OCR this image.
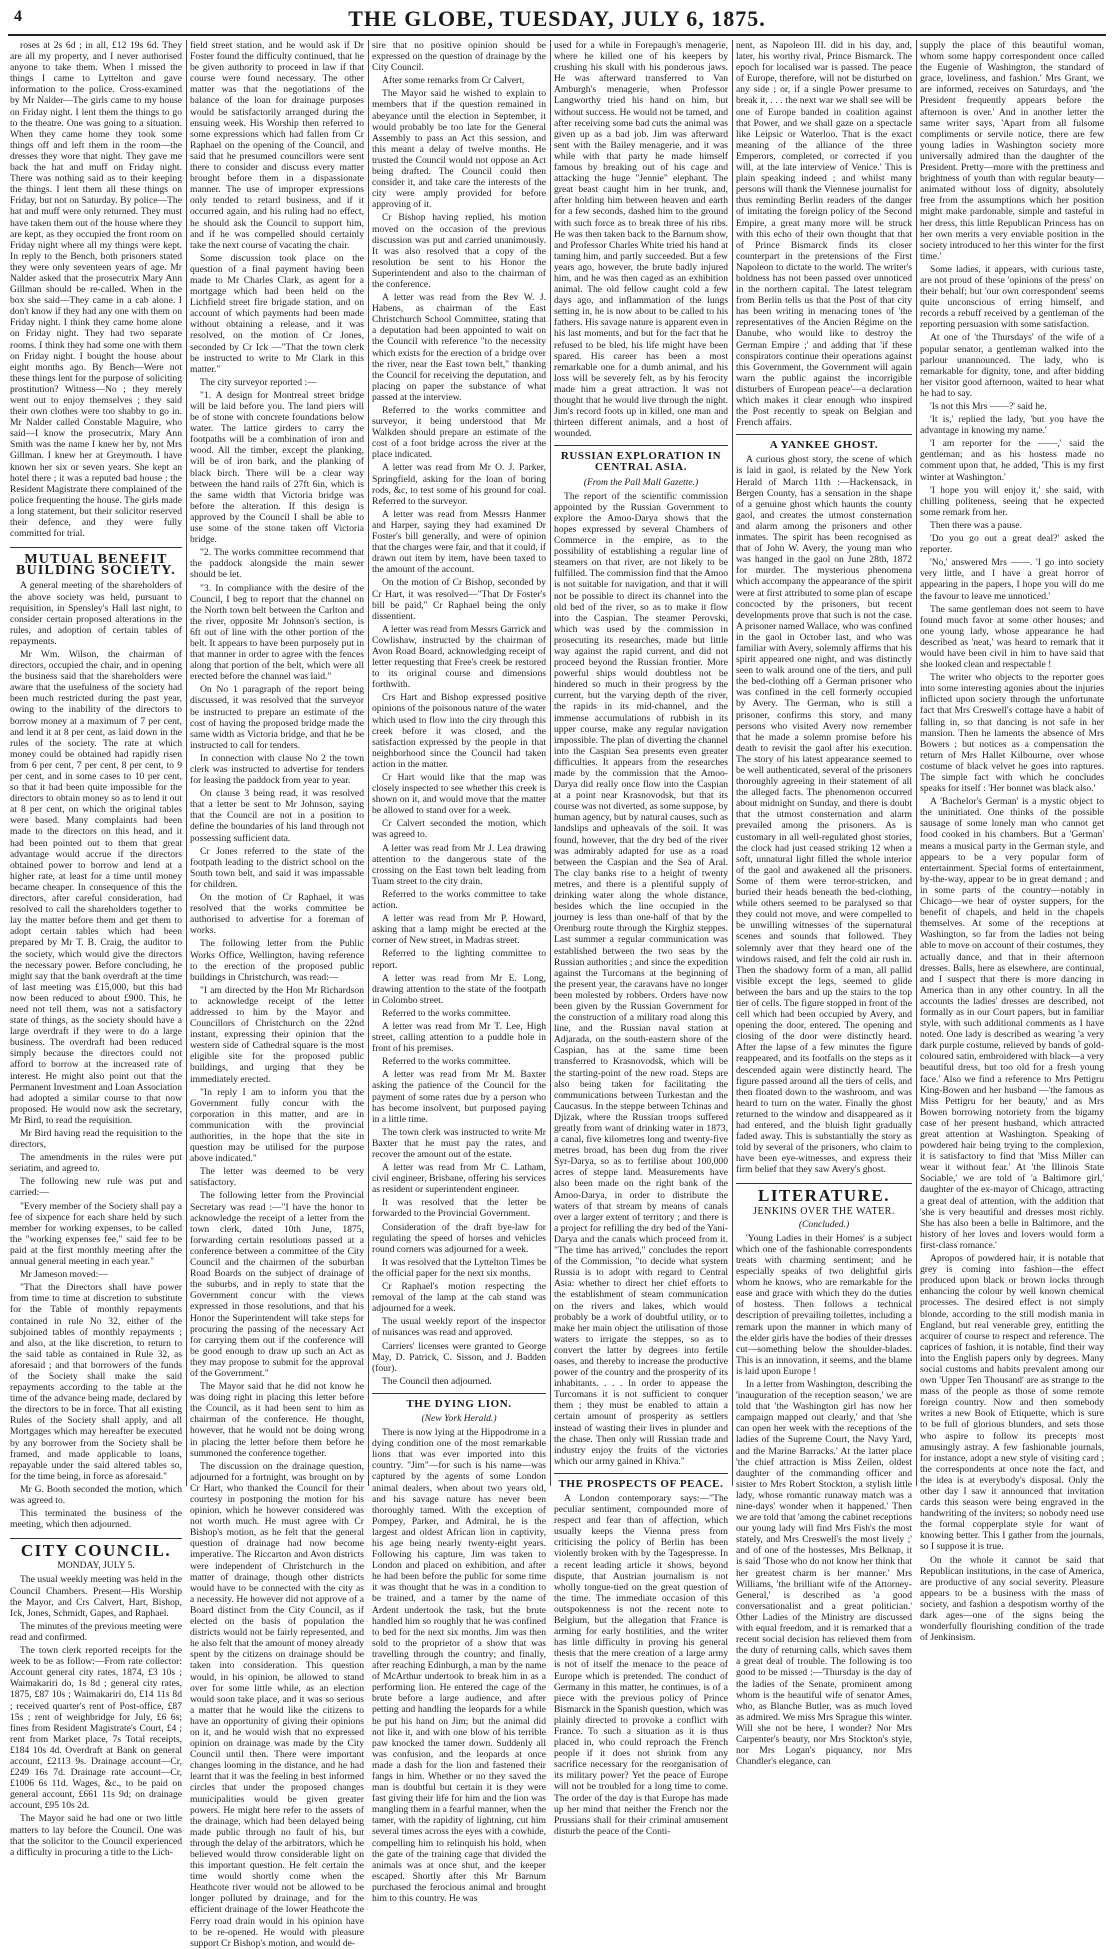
4	THE GLOBE, TUESDAY, JULY 6, 1875.

roses at 2s 6d ; in all, £12 19s 6d. They are all my property, and I never authorised anyone to take them. When I missed the things I came to Lyttelton and gave information to the police. Cross-examined by Mr Nalder—The girls came to my house on Friday night. I lent them the things to go to the theatre. One was going to a situation. When they came home they took some things off and left them in the room—the dresses they wore that night. They gave me back the hat and muff on Friday night. There was nothing said as to their keeping the things. I lent them all these things on Friday, but not on Saturday. By police—The hat and muff were only returned. They must have taken them out of the house where they are kept, as they occupied the front room on Friday night where all my things were kept. In reply to the Bench, both prisoners stated they were only seventeen years of age. Mr Nalder asked that the prosecutrix Mary Ann Gillman should be re-called. When in the box she said—They came in a cab alone. I don't know if they had any one with them on Friday night. I think they came home alone on Friday night. They had two separate rooms. I think they had some one with them on Friday night. I bought the house about eight months ago. By Bench—Were not these things lent for the purpose of soliciting prostitution? Witness—No ; they merely went out to enjoy themselves ; they said their own clothes were too shabby to go in. Mr Nalder called Constable Maguire, who said—I know the prosecutrix, Mary Ann Smith was the name I knew her by, not Mrs Gillman. I knew her at Greymouth. I have known her six or seven years. She kept an hotel there ; it was a reputed bad house ; the Resident Magistrate there complained of the police frequenting the house. The girls made a long statement, but their solicitor reserved their defence, and they were fully committed for trial.

MUTUAL BENEFIT BUILDING SOCIETY.

A general meeting of the shareholders of the above society was held, pursuant to requisition, in Spensley's Hall last night, to consider certain proposed alterations in the rules, and adoption of certain tables of repayments.

Mr Wm. Wilson, the chairman of directors, occupied the chair, and in opening the business said that the shareholders were aware that the usefulness of the society had been much restricted during the past year, owing to the inability of the directors to borrow money at a maximum of 7 per cent, and lend it at 8 per cent, as laid down in the rules of the society. The rate at which money could be obtained had rapidly risen from 6 per cent, 7 per cent, 8 per cent, to 9 per cent, and in some cases to 10 per cent, so that it had been quite impossible for the directors to obtain money so as to lend it out at 8 per cent, on which the original tables were based. Many complaints had been made to the directors on this head, and it had been pointed out to them that great advantage would accrue if the directors obtained power to borrow and lend at a higher rate, at least for a time until money became cheaper. In consequence of this the directors, after careful consideration, had resolved to call the shareholders together to lay the matter before them and get them to adopt certain tables which had been prepared by Mr T. B. Craig, the auditor to the society, which would give the directors the necessary power. Before concluding, he might say that the bank overdraft at the time of last meeting was £15,000, but this had now been reduced to about £900. This, he need not tell them, was not a satisfactory state of things, as the society should have a large overdraft if they were to do a large business. The overdraft had been reduced simply because the directors could not afford to borrow at the increased rate of interest. He might also point out that the Permanent Investment and Loan Association had adopted a similar course to that now proposed. He would now ask the secretary, Mr Bird, to read the requisition.

Mr Bird having read the requisition to the directors,

The amendments in the rules were put seriatim, and agreed to.

The following new rule was put and carried:—

"Every member of the Society shall pay a fee of sixpence for each share held by such member for working expenses, to be called the "working expenses fee," said fee to be paid at the first monthly meeting after the annual general meeting in each year."

Mr Jameson moved:—

"That the Directors shall have power from time to time at discretion to substitute for the Table of monthly repayments contained in rule No 32, either of the subjoined tables of monthly repayments ; and also, at the like discretion, to return to the said table as contained in Rule 32, as aforesaid ; and that borrowers of the funds of the Society shall make the said repayments according to the table at the time of the advance being made, declared by the directors to be in force. That all existing Rules of the Society shall apply, and all Mortgages which may hereafter be executed by any borrower from the Society shall be framed, and made applicable to loans, repayable under the said altered tables so, for the time being, in force as aforesaid."

Mr G. Booth seconded the motion, which was agreed to.

This terminated the business of the meeting, which then adjourned.

CITY COUNCIL.
MONDAY, JULY 5.

The usual weekly meeting was held in the Council Chambers. Present—His Worship the Mayor, and Crs Calvert, Hart, Bishop, Ick, Jones, Schmidt, Gapes, and Raphael.

The minutes of the previous meeting were read and confirmed.

The town clerk reported receipts for the week to be as follow:—From rate collector: Account general city rates, 1874, £3 10s ; Waimakariri do, 1s 8d ; general city rates, 1875, £87 10s ; Waimakariri do, £14 11s 8d ; received quarter's rent of Post-office, £87 15s ; rent of weighbridge for July, £6 6s; fines from Resident Magistrate's Court, £4 ; rent from Market place, 7s Total receipts, £184 10s 4d. Overdraft at Bank on general account, £2113 9s. Drainage account—Cr, £249 16s 7d. Drainage rate account—Cr, £1006 6s 11d. Wages, &c., to be paid on general account, £661 11s 9d; on drainage account, £95 10s 2d.

The Mayor said he had one or two little matters to lay before the Council. One was that the solicitor to the Council experienced a difficulty in procuring a title to the Lich-

field street station, and he would ask if Dr Foster found the difficulty continued, that he be given authority to proceed in law if that course were found necessary. The other matter was that the negotiations of the balance of the loan for drainage purposes would be satisfactorily arranged during the ensuing week. His Worship then referred to some expressions which had fallen from Cr Raphael on the opening of the Council, and said that he presumed councillors were sent there to consider and discuss every matter brought before them in a dispassionate manner. The use of improper expressions only tended to retard business, and if it occurred again, and his ruling had no effect, he should ask the Council to support him, and if he was compelled should certainly take the next course of vacating the chair.

Some discussion took place on the question of a final payment having been made to Mr Charles Clark, as agent for a mortgage which had been held on the Lichfield street fire brigade station, and on account of which payments had been made without obtaining a release, and it was resolved, on the motion of Cr Jones, seconded by Cr Ick —"That the town clerk be instructed to write to Mr Clark in this matter."

The city surveyor reported :—

"1. A design for Montreal street bridge will be laid before you. The land piers will be of stone with concrete foundations below water. The lattice girders to carry the footpaths will be a combination of iron and wood. All the timber, except the planking, will be of iron bark, and the planking of black birch. There will be a clear way between the hand rails of 27ft 6in, which is the same width that Victoria bridge was before the alteration. If this design is approved by the Council I shall be able to use some of the stone taken off Victoria bridge.

"2. The works committee recommend that the paddock alongside the main sewer should be let.

"3. In compliance with the desire of the Council, I beg to report that the channel on the North town belt between the Carlton and the river, opposite Mr Johnson's section, is 6ft out of line with the other portion of the belt. It appears to have been purposely put in that manner in order to agree with the fences along that portion of the belt, which were all erected before the channel was laid."

On No 1 paragraph of the report being discussed, it was resolved that the surveyor be instructed to prepare an estimate of the cost of having the proposed bridge made the same width as Victoria bridge, and that he be instructed to call for tenders.

In connection with clause No 2 the town clerk was instructed to advertise for tenders for leasing the paddock from year to year.

On clause 3 being read, it was resolved that a letter be sent to Mr Johnson, saying that the Council are not in a position to define the boundaries of his land through not possessing sufficient data.

Cr Jones referred to the state of the footpath leading to the district school on the South town belt, and said it was impassable for children.

On the motion of Cr Raphael, it was resolved that the works committee be authorised to advertise for a foreman of works.

The following letter from the Public Works Office, Wellington, having reference to the erection of the proposed public buildings in Christchurch, was read:—

"I am directed by the Hon Mr Richardson to acknowledge receipt of the letter addressed to him by the Mayor and Councillors of Christchurch on the 22nd instant, expressing their opinion that the western side of Cathedral square is the most eligible site for the proposed public buildings, and urging that they be immediately erected.

"In reply I am to inform you that the Government fully concur with the corporation in this matter, and are in communication with the provincial authorities, in the hope that the site in question may be utilised for the purpose above indicated."

The letter was deemed to be very satisfactory.

The following letter from the Provincial Secretary was read :—"I have the honor to acknowledge the receipt of a letter from the town clerk, dated 10th June, 1875, forwarding certain resolutions passed at a conference between a committee of the City Council and the chairmen of the suburban Road Boards on the subject of drainage of the suburbs, and in reply to state that the Government concur with the views expressed in those resolutions, and that his Honor the Superintendent will take steps for procuring the passing of the necessary Act for carrying them out if the conference will be good enough to draw up such an Act as they may propose to submit for the approval of the Government."

The Mayor said that he did not know he was doing right in placing this letter before the Council, as it had been sent to him as chairman of the conference. He thought, however, that he would not be doing wrong in placing the letter before them before he summoned the conference together.

The discussion on the drainage question, adjourned for a fortnight, was brought on by Cr Hart, who thanked the Council for their courtesy in postponing the motion for his opinion, which he however considered was not worth much. He must agree with Cr Bishop's motion, as he felt that the general question of drainage had now become imperative. The Riccarton and Avon districts were independent of Christchurch in the matter of drainage, though other districts would have to be connected with the city as a necessity. He however did not approve of a Board distinct from the City Council, as if elected on the basis of population the districts would not be fairly represented, and he also felt that the amount of money already spent by the citizens on drainage should be taken into consideration. This question would, in his opinion, be allowed to stand over for some little while, as an election would soon take place, and it was so serious a matter that he would like the citizens to have an opportunity of giving their opinions on it, and he would wish that no expressed opinion on drainage was made by the City Council until then. There were important changes looming in the distance, and he had learnt that it was the feeling in best informed circles that under the proposed changes municipalities would be given greater powers. He might here refer to the assets of the drainage, which had been delayed being made public through no fault of his, but through the delay of the arbitrators, which he believed would throw considerable light on this important question. He felt certain the time would shortly come when the Heathcote river would not be allowed to be longer polluted by drainage, and for the efficient drainage of the lower Heathcote the Ferry road drain would in his opinion have to be re-opened. He would with pleasure support Cr Bishop's motion, and would de-

sire that no positive opinion should be expressed on the question of drainage by the City Council.

After some remarks from Cr Calvert,

The Mayor said he wished to explain to members that if the question remained in abeyance until the election in September, it would probably be too late for the General Assembly to pass an Act this session, and this meant a delay of twelve months. He trusted the Council would not oppose an Act being drafted. The Council could then consider it, and take care the interests of the city were amply provided for before approving of it.

Cr Bishop having replied, his motion moved on the occasion of the previous discussion was put and carried unanimously. It was also resolved that a copy of the resolution be sent to his Honor the Superintendent and also to the chairman of the conference.

A letter was read from the Rev W. J. Habens, as chairman of the East Christchurch School Committee, stating that a deputation had been appointed to wait on the Council with reference "to the necessity which exists for the erection of a bridge over the river, near the East town belt," thanking the Council for receiving the deputation, and placing on paper the substance of what passed at the interview.

Referred to the works committee and surveyor, it being understood that Mr Walkden should prepare an estimate of the cost of a foot bridge across the river at the place indicated.

A letter was read from Mr O. J. Parker, Springfield, asking for the loan of boring rods, &c, to test some of his ground for coal. Referred to the surveyor.

A letter was read from Messrs Hanmer and Harper, saying they had examined Dr Foster's bill generally, and were of opinion that the charges were fair, and that it could, if drawn out item by item, have been taxed to the amount of the account.

On the motion of Cr Bishop, seconded by Cr Hart, it was resolved—"That Dr Foster's bill be paid," Cr Raphael being the only dissentient.

A letter was read from Messrs Garrick and Cowlishaw, instructed by the chairman of Avon Road Board, acknowledging receipt of letter requesting that Free's creek be restored to its original course and dimensions forthwith.

Crs Hart and Bishop expressed positive opinions of the poisonous nature of the water which used to flow into the city through this creek before it was closed, and the satisfaction expressed by the people in that neighborhood since the Council had taken action in the matter.

Cr Hart would like that the map was closely inspected to see whether this creek is shown on it, and would move that the matter be allowed to stand over for a week.

Cr Calvert seconded the motion, which was agreed to.

A letter was read from Mr J. Lea drawing attention to the dangerous state of the crossing on the East town belt leading from Tuam street to the city drain.

Referred to the works committee to take action.

A letter was read from Mr P. Howard, asking that a lamp might be erected at the corner of New street, in Madras street.

Referred to the lighting committee to report.

A letter was read from Mr E. Long, drawing attention to the state of the footpath in Colombo street.

Referred to the works committee.

A letter was read from Mr T. Lee, High street, calling attention to a puddle hole in front of his premises.

Referred to the works committee.

A letter was read from Mr M. Baxter asking the patience of the Council for the payment of some rates due by a person who has become insolvent, but purposed paying in a little time.

The town clerk was instructed to write Mr Baxter that he must pay the rates, and recover the amount out of the estate.

A letter was read from Mr C. Latham, civil engineer, Brisbane, offering his services as resident or superintendent engineer.

It was resolved that the letter be forwarded to the Provincial Government.

Consideration of the draft bye-law for regulating the speed of horses and vehicles round corners was adjourned for a week.

It was resolved that the Lyttelton Times be the official paper for the next six months.

Cr Raphael's motion respecting the removal of the lamp at the cab stand was adjourned for a week.

The usual weekly report of the inspector of nuisances was read and approved.

Carriers' licenses were granted to George May, D. Patrick, C. Sisson, and J. Badden (four).

The Council then adjourned.

THE DYING LION.
(New York Herald.)

There is now lying at the Hippodrome in a dying condition one of the most remarkable lions that was ever imported into this country. "Jim"—for such is his name—was captured by the agents of some London animal dealers, when about two years old, and his savage nature has never been thoroughly tamed. With the exception of Pompey, Parker, and Admiral, he is the largest and oldest African lion in captivity, his age being nearly twenty-eight years. Following his capture, Jim was taken to London and placed on exhibition, and after he had been before the public for some time it was thought that he was in a condition to be trained, and a tamer by the name of Ardent undertook the task, but the brute handled him so roughly that he was confined to bed for the next six months. Jim was then sold to the proprietor of a show that was travelling through the country; and finally, after reaching Edinburgh, a man by the name of McArthur undertook to break him in as a performing lion. He entered the cage of the brute before a large audience, and after petting and handling the leopards for a while he put his hand on Jim; but the animal did not like it, and with one blow of his terrible paw knocked the tamer down. Suddenly all was confusion, and the leopards at once made a dash for the lion and fastened their fangs in him. Whether or no they saved the man is doubtful but certain it is they were fast giving their life for him and the lion was mangling them in a fearful manner, when the tamer, with the rapidity of lightning, cut him several times across the eyes with a cowhide, compelling him to relinquish his hold, when the gate of the training cage that divided the animals was at once shut, and the keeper escaped. Shortly after this Mr Barnum purchased the ferocious animal and brought him to this country. He was

used for a while in Forepaugh's menagerie, where he killed one of his keepers by crushing his skull with his ponderous jaws. He was afterward transferred to Van Amburgh's menagerie, when Professor Langworthy tried his hand on him, but without success. He would not be tamed, and after receiving some bad cuts the animal was given up as a bad job. Jim was afterward sent with the Bailey menagerie, and it was while with that party he made himself famous by breaking out of his cage and attacking the huge "Jennie" elephant. The great beast caught him in her trunk, and, after holding him between heaven and earth for a few seconds, dashed him to the ground with such force as to break three of his ribs. He was then taken back to the Barnum show, and Professor Charles White tried his hand at taming him, and partly succeeded. But a few years ago, however, the brute badly injured him, and he was then caged as an exhibition animal. The old fellow caught cold a few days ago, and inflammation of the lungs setting in, he is now about to be called to his fathers. His savage nature is apparent even in his last moments, and but for the fact that he refused to be bled, his life might have been spared. His career has been a most remarkable one for a dumb animal, and his loss will be severely felt, as by his ferocity made him a great attraction. It was not thought that he would live through the night. Jim's record foots up in killed, one man and thirteen different animals, and a host of wounded.

RUSSIAN EXPLORATION IN CENTRAL ASIA.
(From the Pall Mall Gazette.)

The report of the scientific commission appointed by the Russian Government to explore the Amoo-Darya shows that the hopes expressed by several Chambers of Commerce in the empire, as to the possibility of establishing a regular line of steamers on that river, are not likely to be fulfilled. The commission find that the Amoo is not suitable for navigation, and that it will not be possible to direct its channel into the old bed of the river, so as to make it flow into the Caspian. The steamer Perovski, which was used by the commission in prosecuting its researches, made but little way against the rapid current, and did not proceed beyond the Russian frontier. More powerful ships would doubtless not be hindered so much in their progress by the current, but the varying depth of the river, the rapids in its mid-channel, and the immense accumulations of rubbish in its upper course, make any regular navigation impossible. The plan of diverting the channel into the Caspian Sea presents even greater difficulties. It appears from the researches made by the commission that the Amoo-Darya did really once flow into the Caspian at a point near Krasnovodsk, but that its course was not diverted, as some suppose, by human agency, but by natural causes, such as landslips and upheavals of the soil. It was found, however, that the dry bed of the river was admirably adapted for use as a road between the Caspian and the Sea of Aral. The clay banks rise to a height of twenty metres, and there is a plentiful supply of drinking water along the whole distance, besides which the line occupied in the journey is less than one-half of that by the Orenburg route through the Kirghiz steppes. Last summer a regular communication was established between the two seas by the Russian authorities ; and since the expedition against the Turcomans at the beginning of the present year, the caravans have no longer been molested by robbers. Orders have now been given by the Russian Government for the construction of a military road along this line, and the Russian naval station at Adjarada, on the south-eastern shore of the Caspian, has at the same time been transferred to Krasnovodsk, which will be the starting-point of the new road. Steps are also being taken for facilitating the communications between Turkestan and the Caucasus. In the steppe between Tchinas and Djizak, where the Russian troops suffered greatly from want of drinking water in 1873, a canal, five kilometres long and twenty-five metres broad, has been dug from the river Syr-Darya, so as to fertilise about 100,000 acres of steppe land. Measurements have also been made on the right bank of the Amoo-Darya, in order to distribute the waters of that stream by means of canals over a larger extent of territory ; and there is a project for refilling the dry bed of the Yani-Darya and the canals which proceed from it. "The time has arrived," concludes the report of the Commission, "to decide what system Russia is to adopt with regard to Central Asia: whether to direct her chief efforts to the establishment of steam communication on the rivers and lakes, which would probably be a work of doubtful utility, or to make her main object the utilisation of those waters to irrigate the steppes, so as to convert the latter by degrees into fertile oases, and thereby to increase the productive power of the country and the prosperity of its inhabitants. . . . In order to appease the Turcomans it is not sufficient to conquer them ; they must be enabled to attain a certain amount of prosperity as settlers instead of wasting their lives in plunder and the chase. Then only will Russian trade and industry enjoy the fruits of the victories which our army gained in Khiva."

THE PROSPECTS OF PEACE.

A London contemporary says:—"The peculiar sentiment, compounded more of respect and fear than of affection, which usually keeps the Vienna press from criticising the policy of Berlin has been violently broken with by the Tagespresse. In a recent leading article it shows, beyond dispute, that Austrian journalism is not wholly tongue-tied on the great question of the time. The immediate occasion of this outspokenness is not the recent note to Belgium, but the allegation that France is arming for early hostilities, and the writer has little difficulty in proving his general thesis that the mere creation of a large army is not of itself the menace to the peace of Europe which is pretended. The conduct of Germany in this matter, he continues, is of a piece with the previous policy of Prince Bismarck in the Spanish question, which was plainly directed to provoke a conflict with France. To such a situation as it is thus placed in, who could reproach the French people if it does not shrink from any sacrifice necessary for the reorganisation of its military power? Yet the peace of Europe will not be troubled for a long time to come. The order of the day is that Europe has made up her mind that neither the French nor the Prussians shall for their criminal amusement disturb the peace of the Conti-

nent, as Napoleon III. did in his day, and, later, his worthy rival, Prince Bismarck. The epoch for localised war is passed. The peace of Europe, therefore, will not be disturbed on any side ; or, if a single Power presume to break it, . . . the next war we shall see will be one of Europe banded in coalition against that Power, and we shall gaze on a spectacle like Leipsic or Waterloo. That is the exact meaning of the alliance of the three Emperors, completed, or corrected if you will, at the late interview of Venice.' This is plain speaking indeed ; and whilst many persons will thank the Viennese journalist for thus reminding Berlin readers of the danger of imitating the foreign policy of the Second Empire, a great many more will be struck with this echo of their own thought that that of Prince Bismarck finds its closer counterpart in the pretensions of the First Napoleon to dictate to the world. The writer's boldness has not been passed over unnoticed in the northern capital. The latest telegram from Berlin tells us that the Post of that city has been writing in menacing tones of 'the representatives of the Ancien Régime on the Danube, who would like to destroy the German Empire ;' and adding that 'if these conspirators continue their operations against this Government, the Government will again warn the public against the incorrigible disturbers of European peace'—a declaration which makes it clear enough who inspired the Post recently to speak on Belgian and French affairs.

A YANKEE GHOST.

A curious ghost story, the scene of which is laid in gaol, is related by the New York Herald of March 11th :—Hackensack, in Bergen County, has a sensation in the shape of a genuine ghost which haunts the county gaol, and creates the utmost consternation and alarm among the prisoners and other inmates. The spirit has been recognised as that of John W. Avery, the young man who was hanged in the gaol on June 28th, 1872 for murder. The mysterious phenomena which accompany the appearance of the spirit were at first attributed to some plan of escape concocted by the prisoners, but recent developments prove that such is not the case. A prisoner named Wallace, who was confined in the gaol in October last, and who was familiar with Avery, solemnly affirms that his spirit appeared one night, and was distinctly seen to walk around one of the tiers, and pull the bed-clothing off a German prisoner who was confined in the cell formerly occupied by Avery. The German, who is still a prisoner, confirms this story, and many persons who visited Avery now remember that he made a solemn promise before his death to revisit the gaol after his execution. The story of his latest appearance seemed to be well authenticated, several of the prisoners thoroughly agreeing in their statement of all the alleged facts. The phenomenon occurred about midnight on Sunday, and there is doubt that the utmost consternation and alarm prevailed among the prisoners. As is customary in all well-regulated ghost stories, the clock had just ceased striking 12 when a soft, unnatural light filled the whole interior of the gaol and awakened all the prisoners. Some of them were terror-stricken, and buried their heads beneath the bed-clothing, while others seemed to be paralysed so that they could not move, and were compelled to be unwilling witnesses of the supernatural scenes and sounds that followed. They solemnly aver that they heard one of the windows raised, and felt the cold air rush in. Then the shadowy form of a man, all pallid visible except the legs, seemed to glide between the bars and up the stairs to the top tier of cells. The figure stopped in front of the cell which had been occupied by Avery, and opening the door, entered. The opening and closing of the door were distinctly heard. After the lapse of a few minutes the figure reappeared, and its footfalls on the steps as it descended again were distinctly heard. The figure passed around all the tiers of cells, and then floated down to the washroom, and was heard to turn on the water. Finally the ghost returned to the window and disappeared as it had entered, and the bluish light gradually faded away. This is substantially the story as told by several of the prisoners, who claim to have been eye-witnesses, and express their firm belief that they saw Avery's ghost.

LITERATURE.
JENKINS OVER THE WATER.
(Concluded.)

'Young Ladies in their Homes' is a subject which one of the fashionable correspondents treats with charming sentiment; and he especially speaks of two delightful girls whom he knows, who are remarkable for the ease and grace with which they do the duties of hostess. Then follows a technical description of prevailing toilettes, including a remark upon the manner in which many of the elder girls have the bodies of their dresses cut—something below the shoulder-blades. This is an innovation, it seems, and the blame is laid upon Europe !

In a letter from Washington, describing the 'inauguration of the reception season,' we are told that 'the Washington girl has now her campaign mapped out clearly,' and that 'she can open her week with the receptions of the ladies of the Supreme Court, the Navy Yard, and the Marine Barracks.' At the latter place 'the chief attraction is Miss Zeilen, oldest daughter of the commanding officer and sister to Mrs Robert Stockton, a stylish little lady, whose romantic runaway match was a nine-days' wonder when it happened.' Then we are told that 'among the cabinet receptions our young lady will find Mrs Fish's the most stately, and Mrs Creswell's the most lively ;' and of one of the hostesses, Mrs Belknap, it is said 'Those who do not know her think that her greatest charm is her manner.' Mrs Williams, 'the brilliant wife of the Attorney-General,' is described as 'a good conversationalist and a great politician.' Other Ladies of the Ministry are discussed with equal freedom, and it is remarked that a recent social decision has relieved them from the duty of returning calls, which saves them a great deal of trouble. The following is too good to be missed :—'Thursday is the day of the ladies of the Senate, prominent among whom is the beautiful wife of senator Ames, who, as Blanche Butler, was as much loved as admired. We miss Mrs Sprague this winter. Will she not be here, I wonder? Nor Mrs Carpenter's beauty, nor Mrs Stockton's style, nor Mrs Logan's piquancy, nor Mrs Chandler's elegance, can

supply the place of this beautiful woman, whom some happy correspondent once called the Eugenie of Washington, the standard of grace, loveliness, and fashion.' Mrs Grant, we are informed, receives on Saturdays, and 'the President frequently appears before the afternoon is over.' And in another letter the same writer says, 'Apart from all fulsome compliments or servile notice, there are few young ladies in Washington society more universally admired than the daughter of the President. Pretty—more with the prettiness and brightness of youth than with regular beauty—animated without loss of dignity, absolutely free from the assumptions which her position might make pardonable, simple and tasteful in her dress, this little Republican Princess has on her own merits a very enviable position in the society introduced to her this winter for the first time.'

Some ladies, it appears, with curious taste, are not proud of these 'opinions of the press' on their behalf; but 'our own correspondent' seems quite unconscious of erring himself, and records a rebuff received by a gentleman of the reporting persuasion with some satisfaction.

At one of 'the Thursdays' of the wife of a popular senator, a gentleman walked into the parlour unannounced. The lady, who is remarkable for dignity, tone, and after bidding her visitor good afternoon, waited to hear what he had to say.

'Is not this Mrs ——?' said he.

'It is,' replied the lady, 'but you have the advantage in knowing my name.'

'I am reporter for the ——,' said the gentleman; and as his hostess made no comment upon that, he added, 'This is my first winter at Washington.'

'I hope you will enjoy it,' she said, with chilling politeness, seeing that he expected some remark from her.

Then there was a pause.

'Do you go out a great deal?' asked the reporter.

'No,' answered Mrs ——. 'I go into society very little, and I have a great horror of appearing in the papers, I hope you will do me the favour to leave me unnoticed.'

The same gentleman does not seem to have found much favor at some other houses; and one young lady, whose appearance he had described as 'neat,' was heard to remark that it would have been civil in him to have said that she looked clean and respectable !

The writer who objects to the reporter goes into some interesting agonies about the injuries inflicted upon society through the unfortunate fact that Mrs Creswell's cottage have a habit of falling in, so that dancing is not safe in her mansion. Then he laments the absence of Mrs Bowers ; but notices as a compensation the return of Mrs Hallet Kilbourne, over whose costume of black velvet he goes into raptures. The simple fact with which he concludes speaks for itself : 'Her bonnet was black also.'

A 'Bachelor's German' is a mystic object to the uninitiated. One thinks of the possible sausage of some lonely man who cannot get food cooked in his chambers. But a 'German' means a musical party in the German style, and appears to be a very popular form of entertainment. Special forms of entertainment, by-the-way, appear to be in great demand ; and in some parts of the country—notably in Chicago—we hear of oyster suppers, for the benefit of chapels, and held in the chapels themselves. At some of the receptions at Washington, so far from the ladies not being able to move on account of their costumes, they actually dance, and that in their afternoon dresses. Balls, here as elsewhere, are continual, and I suspect that there is more dancing in America than in any other country. In all the accounts the ladies' dresses are described, not formally as in our Court papers, but in familiar style, with such additional comments as I have noted. One lady is described as wearing 'a very dark purple costume, relieved by bands of gold-coloured satin, embroidered with black—a very beautiful dress, but too old for a fresh young face.' Also we find a reference to Mrs Pettigru King-Bowen and her husband —'the famous as Miss Pettigru for her beauty,' and as Mrs Bowen borrowing notoriety from the bigamy case of her present husband, which attracted great attention at Washington. Speaking of powdered hair being trying to the complexion, it is satisfactory to find that 'Miss Miller can wear it without fear.' At 'the Illinois State Sociable,' we are told of 'a Baltimore girl,' daughter of the ex-mayor of Chicago, attracting a great deal of attention, with the addition that 'she is very beautiful and dresses most richly. She has also been a belle in Baltimore, and the history of her loves and lovers would form a first-class romance.'

Apropos of powdered hair, it is notable that grey is coming into fashion—the effect produced upon black or brown locks through enhancing the colour by well known chemical processes. The desired effect is not simply blonde, according to the still modish mania in England, but real venerable grey, entitling the acquirer of course to respect and reference. The caprices of fashion, it is notable, find their way into the English papers only by degrees. Many social customs and habits prevalent among our own 'Upper Ten Thousand' are as strange to the mass of the people as those of some remote foreign country. Now and then somebody writes a new Book of Etiquette, which is sure to be full of glorious blunders, and sets those who aspire to follow its precepts most amusingly astray. A few fashionable journals, for instance, adopt a new style of visiting card ; the correspondents at once note the fact, and the idea is at everybody's disposal. Only the other day I saw it announced that invitation cards this season were being engraved in the handwriting of the inviters; so nobody need use the formal copperplate style for want of knowing better. This I gather from the journals, so I suppose it is true.

On the whole it cannot be said that Republican institutions, in the case of America, are productive of any social severity. Pleasure appears to be a business with the mass of society, and fashion a despotism worthy of the dark ages—one of the signs being the wonderfully flourishing condition of the trade of Jenkinsism.
